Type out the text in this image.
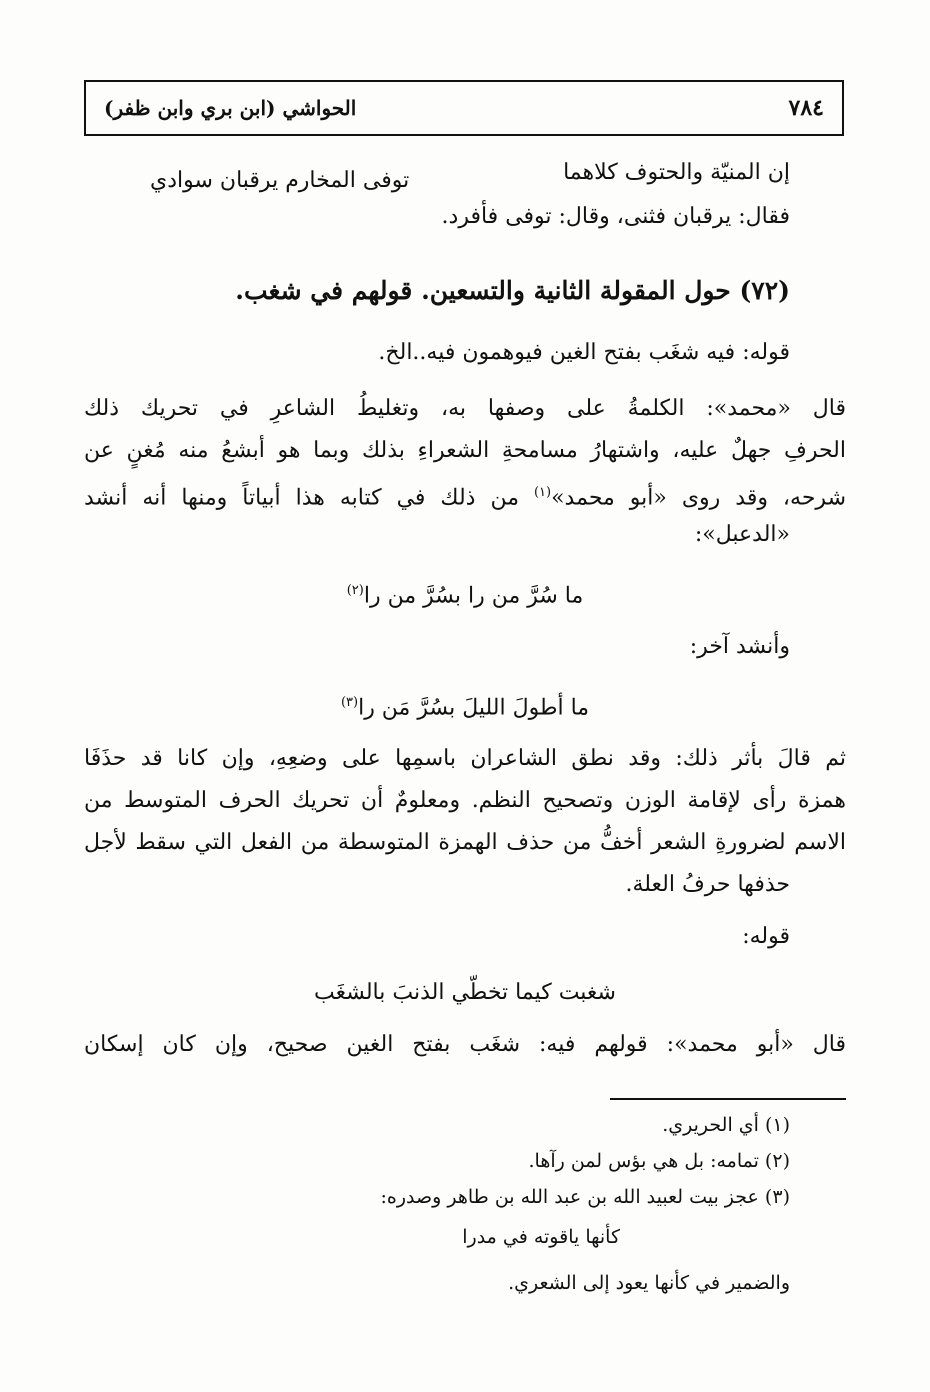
٧٨٤
الحواشي (ابن بري وابن ظفر)
إن المنيّة والحتوف كلاهما
توفى المخارم يرقبان سوادي
فقال: يرقبان فثنى، وقال: توفى فأفرد.
(٧٢) حول المقولة الثانية والتسعين. قولهم في شغب.
قوله: فيه شغَب بفتح الغين فيوهمون فيه..الخ.
قال «محمد»: الكلمةُ على وصفها به، وتغليطُ الشاعرِ في تحريك ذلك
الحرفِ جهلٌ عليه، واشتهارُ مسامحةِ الشعراءِ بذلك وبما هو أبشعُ منه مُغنٍ عن
شرحه، وقد روى «أبو محمد»$^{(١)}$ من ذلك في كتابه هذا أبياتاً ومنها أنه أنشد
«الدعبل»:
ما سُرَّ من را بسُرَّ من را$^{(٢)}$
وأنشد آخر:
ما أطولَ الليلَ بسُرَّ مَن را$^{(٣)}$
ثم قالَ بأثر ذلك: وقد نطق الشاعران باسمِها على وضعِهِ، وإن كانا قد حذَفَا
همزة رأى لإقامة الوزن وتصحيح النظم. ومعلومٌ أن تحريك الحرف المتوسط من
الاسم لضرورةِ الشعر أخفُّ من حذف الهمزة المتوسطة من الفعل التي سقط لأجل
حذفها حرفُ العلة.
قوله:
شغبت كيما تخطّي الذنبَ بالشغَب
قال «أبو محمد»: قولهم فيه: شغَب بفتح الغين صحيح، وإن كان إسكان
(١) أي الحريري.
(٢) تمامه: بل هي بؤس لمن رآها.
(٣) عجز بيت لعبيد الله بن عبد الله بن طاهر وصدره:
كأنها ياقوته في مدرا
والضمير في كأنها يعود إلى الشعري.
